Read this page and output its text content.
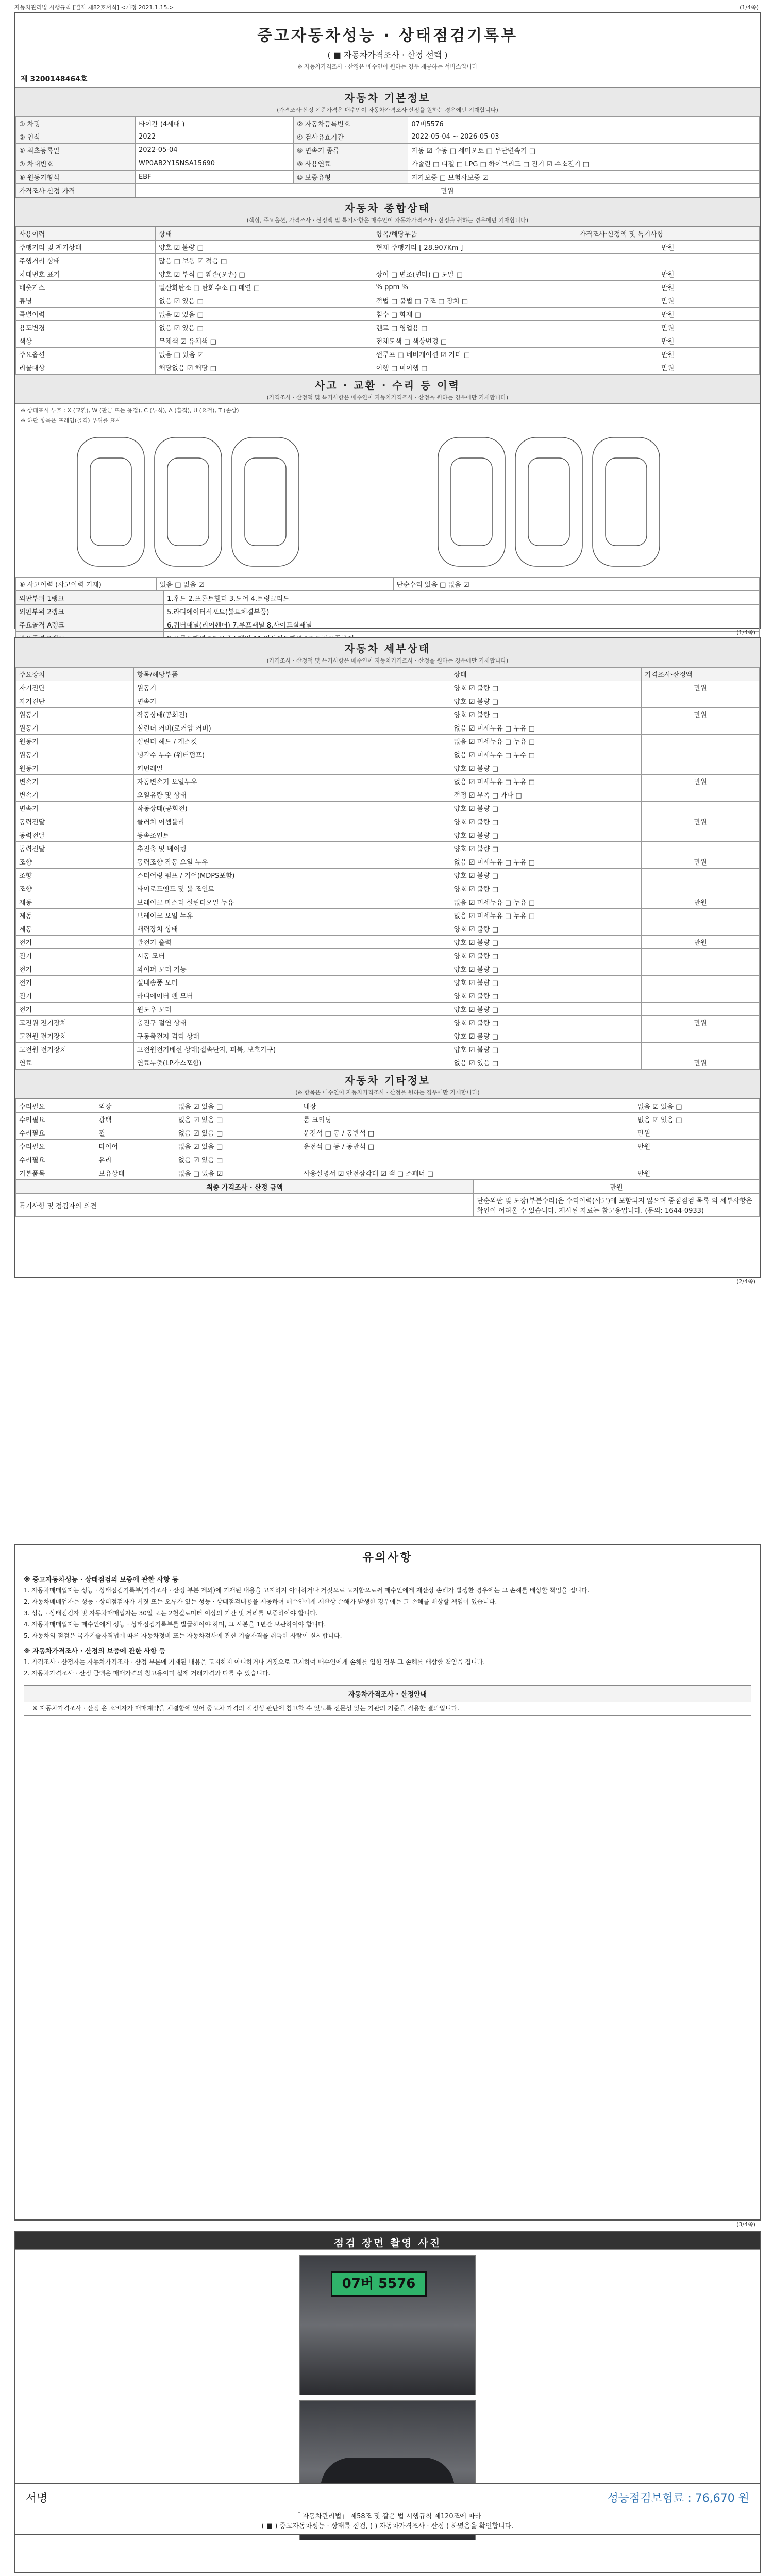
자동차관리법 시행규칙 [별지 제82호서식] <개정 2021.1.15.>	(1/4쪽)
중고자동차성능 · 상태점검기록부
( ■ 자동차가격조사 · 산정 선택 )
※ 자동차가격조사 · 산정은 매수인이 원하는 경우 제공하는 서비스입니다
제 3200148464호
자동차 기본정보
(가격조사·산정 기준가격은 매수인이 자동차가격조사·산정을 원하는 경우에만 기재합니다)
① 차명	타이칸 (4세대 )	② 자동차등록번호	07버5576
③ 연식	2022	④ 검사유효기간	2022-05-04 ~ 2026-05-03
⑤ 최초등록일	2022-05-04	⑥ 변속기 종류	자동 ☑ 수동 □ 세미오토 □ 무단변속기 □
⑦ 차대번호	WP0AB2Y1SNSA15690	⑧ 사용연료	가솔린 □ 디젤 □ LPG □ 하이브리드 □ 전기 ☑ 수소전기 □
⑨ 원동기형식	EBF	⑩ 보증유형	자가보증 □ 보험사보증 ☑
가격조사·산정 가격	만원		
자동차 종합상태
(색상, 주요옵션, 가격조사 · 산정액 및 특기사항은 매수인이 자동차가격조사 · 산정을 원하는 경우에만 기재합니다)
사용이력	상태	항목/해당부품	가격조사·산정액 및 특기사항
주행거리 및 계기상태	양호 ☑ 불량 □	현재 주행거리 [ 28,907Km ]	만원
주행거리 상태	많음 □ 보통 ☑ 적음 □		
차대번호 표기	양호 ☑ 부식 □ 훼손(오손) □	상이 □ 변조(변타) □ 도말 □	만원
배출가스	일산화탄소 □ 탄화수소 □ 매연 □	% ppm %	만원
튜닝	없음 ☑ 있음 □	적법 □ 불법 □ 구조 □ 장치 □	만원
특별이력	없음 ☑ 있음 □	침수 □ 화재 □	만원
용도변경	없음 ☑ 있음 □	렌트 □ 영업용 □	만원
색상	무채색 ☑ 유채색 □	전체도색 □ 색상변경 □	만원
주요옵션	없음 □ 있음 ☑	썬루프 □ 네비게이션 ☑ 기타 □	만원
리콜대상	해당없음 ☑ 해당 □	이행 □ 미이행 □	만원
사고 · 교환 · 수리 등 이력
(가격조사 · 산정액 및 특기사항은 매수인이 자동차가격조사 · 산정을 원하는 경우에만 기재합니다)
※ 상태표시 부호 : X (교환), W (판금 또는 용접), C (부식), A (흠집), U (요철), T (손상)
※ 하단 항목은 프레임(골격) 부위를 표시
⑨ 사고이력 (사고이력 기재)	있음 □ 없음 ☑	단순수리 있음 □ 없음 ☑
외판부위 1랭크	1.후드 2.프론트휀더 3.도어 4.트렁크리드
외판부위 2랭크	5.라디에이터서포트(볼트체결부품)
주요골격 A랭크	6.쿼터패널(리어휀더) 7.루프패널 8.사이드실패널

(1/4쪽)
자동차 세부상태
(가격조사 · 산정액 및 특기사항은 매수인이 자동차가격조사 · 산정을 원하는 경우에만 기재합니다)
주요장치	항목/해당부품	상태	가격조사·산정액
자기진단	원동기	양호 ☑ 불량 □	만원
자기진단	변속기	양호 ☑ 불량 □	
원동기	작동상태(공회전)	양호 ☑ 불량 □	만원
원동기	실린더 커버(로커암 커버)	없음 ☑ 미세누유 □ 누유 □	
원동기	실린더 헤드 / 개스킷	없음 ☑ 미세누유 □ 누유 □	
원동기	냉각수 누수 (워터펌프)	없음 ☑ 미세누수 □ 누수 □	
원동기	커먼레일	양호 ☑ 불량 □	
변속기	자동변속기 오일누유	없음 ☑ 미세누유 □ 누유 □	만원
변속기	오일유량 및 상태	적정 ☑ 부족 □ 과다 □	
변속기	작동상태(공회전)	양호 ☑ 불량 □	
동력전달	클러치 어셈블리	양호 ☑ 불량 □	만원
동력전달	등속조인트	양호 ☑ 불량 □	
동력전달	추진축 및 베어링	양호 ☑ 불량 □	
조향	동력조향 작동 오일 누유	없음 ☑ 미세누유 □ 누유 □	만원
조향	스티어링 펌프 / 기어(MDPS포함)	양호 ☑ 불량 □	
조향	타이로드엔드 및 볼 조인트	양호 ☑ 불량 □	
제동	브레이크 마스터 실린더오일 누유	없음 ☑ 미세누유 □ 누유 □	만원
제동	브레이크 오일 누유	없음 ☑ 미세누유 □ 누유 □	
제동	배력장치 상태	양호 ☑ 불량 □	
전기	발전기 출력	양호 ☑ 불량 □	만원
전기	시동 모터	양호 ☑ 불량 □	
전기	와이퍼 모터 기능	양호 ☑ 불량 □	
전기	실내송풍 모터	양호 ☑ 불량 □	
전기	라디에이터 팬 모터	양호 ☑ 불량 □	
전기	윈도우 모터	양호 ☑ 불량 □	
고전원 전기장치	충전구 절연 상태	양호 ☑ 불량 □	만원
고전원 전기장치	구동축전지 격리 상태	양호 ☑ 불량 □	
고전원 전기장치	고전원전기배선 상태(접속단자, 피복, 보호기구)	양호 ☑ 불량 □	
연료	연료누출(LP가스포함)	없음 ☑ 있음 □	만원
자동차 기타정보
(※ 항목은 매수인이 자동차가격조사 · 산정을 원하는 경우에만 기재합니다)
수리필요	외장	없음 ☑ 있음 □	내장	없음 ☑ 있음 □
수리필요	광택	없음 ☑ 있음 □	룸 크리닝	없음 ☑ 있음 □
수리필요	휠	없음 ☑ 있음 □	운전석 □ 동 / 동반석 □	만원
수리필요	타이어	없음 ☑ 있음 □	운전석 □ 동 / 동반석 □	만원
수리필요	유리	없음 ☑ 있음 □		
기본품목	보유상태	없음 □ 있음 ☑	사용설명서 ☑ 안전삼각대 ☑ 잭 □ 스패너 □	만원
최종 가격조사 · 산정 금액	만원
특기사항 및 점검자의 의견	단순외판 및 도장(부분수리)은 수리이력(사고)에 포함되지 않으며 중점점검 목록 외 세부사항은 확인이 어려울 수 있습니다. 제시된 자료는 참고용입니다. (문의: 1644-0933)
(2/4쪽)
유의사항
※ 중고자동차성능 · 상태점검의 보증에 관한 사항 등

1. 자동차매매업자는 성능 · 상태점검기록부(가격조사 · 산정 부분 제외)에 기재된 내용을 고지하지 아니하거나 거짓으로 고지함으로써 매수인에게 재산상 손해가 발생한 경우에는 그 손해를 배상할 책임을 집니다.

2. 자동차매매업자는 성능 · 상태점검자가 거짓 또는 오류가 있는 성능 · 상태점검내용을 제공하여 매수인에게 재산상 손해가 발생한 경우에는 그 손해를 배상할 책임이 있습니다.

3. 성능 · 상태점검자 및 자동차매매업자는 30일 또는 2천킬로미터 이상의 기간 및 거리를 보증하여야 합니다.

4. 자동차매매업자는 매수인에게 성능 · 상태점검기록부를 발급하여야 하며, 그 사본을 1년간 보관하여야 합니다.

5. 자동차의 점검은 국가기술자격법에 따른 자동차정비 또는 자동차검사에 관한 기술자격을 취득한 사람이 실시합니다.

※ 자동차가격조사 · 산정의 보증에 관한 사항 등

1. 가격조사 · 산정자는 자동차가격조사 · 산정 부분에 기재된 내용을 고지하지 아니하거나 거짓으로 고지하여 매수인에게 손해를 입힌 경우 그 손해를 배상할 책임을 집니다.

2. 자동차가격조사 · 산정 금액은 매매가격의 참고용이며 실제 거래가격과 다를 수 있습니다.

자동차가격조사 · 산정안내

※ 자동차가격조사 · 산정 은 소비자가 매매계약을 체결함에 있어 중고차 가격의 적정성 판단에 참고할 수 있도록 전문성 있는 기관의 기준을 적용한 결과입니다.

(3/4쪽)
점검 장면 촬영 사진
07버 5576
서명	성능점검보험료 : 76,670 원
「 자동차관리법」 제58조 및 같은 법 시행규칙 제120조에 따라
( ■ ) 중고자동차성능 · 상태를 점검, ( ) 자동차가격조사 · 산정 ) 하였음을 확인합니다.
